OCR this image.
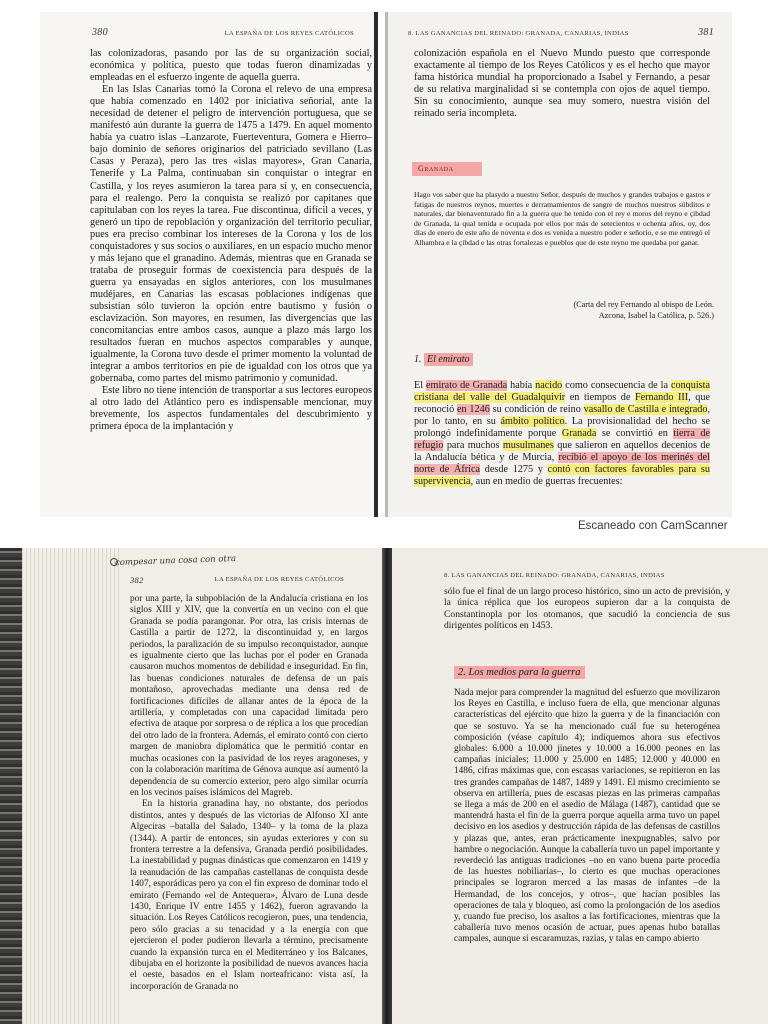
380	LA ESPAÑA DE LOS REYES CATÓLICOS

las colonizadoras, pasando por las de su organización social, económica y política, puesto que todas fueron dinamizadas y empleadas en el esfuerzo ingente de aquella guerra.

En las Islas Canarias tomó la Corona el relevo de una empresa que había comenzado en 1402 por iniciativa señorial, ante la necesidad de detener el peligro de intervención portuguesa, que se manifestó aún durante la guerra de 1475 a 1479. En aquel momento había ya cuatro islas –Lanzarote, Fuerteventura, Gomera e Hierro– bajo dominio de señores originarios del patriciado sevillano (Las Casas y Peraza), pero las tres «islas mayores», Gran Canaria, Tenerife y La Palma, continuaban sin conquistar o integrar en Castilla, y los reyes asumieron la tarea para sí y, en consecuencia, para el realengo. Pero la conquista se realizó por capitanes que capitulaban con los reyes la tarea. Fue discontinua, difícil a veces, y generó un tipo de repoblación y organización del territorio peculiar, pues era preciso combinar los intereses de la Corona y los de los conquistadores y sus socios o auxiliares, en un espacio mucho menor y más lejano que el granadino. Además, mientras que en Granada se trataba de proseguir formas de coexistencia para después de la guerra ya ensayadas en siglos anteriores, con los musulmanes mudéjares, en Canarias las escasas poblaciones indígenas que subsistían sólo tuvieron la opción entre bautismo y fusión o esclavización. Son mayores, en resumen, las divergencias que las concomitancias entre ambos casos, aunque a plazo más largo los resultados fueran en muchos aspectos comparables y aunque, igualmente, la Corona tuvo desde el primer momento la voluntad de integrar a ambos territorios en pie de igualdad con los otros que ya gobernaba, como partes del mismo patrimonio y comunidad.

Este libro no tiene intención de transportar a sus lectores europeos al otro lado del Atlántico pero es indispensable mencionar, muy brevemente, los aspectos fundamentales del descubrimiento y primera época de la implantación y

8. LAS GANANCIAS DEL REINADO: GRANADA, CANARIAS, INDIAS	381

colonización española en el Nuevo Mundo puesto que corresponde exactamente al tiempo de los Reyes Católicos y es el hecho que mayor fama histórica mundial ha proporcionado a Isabel y Fernando, a pesar de su relativa marginalidad si se contempla con ojos de aquel tiempo. Sin su conocimiento, aunque sea muy somero, nuestra visión del reinado sería incompleta.

Granada
Hago vos saber que ha plasydo a nuestro Señor, después de muchos y grandes trabajos e gastos e fatigas de nuestros reynos, muertes e derramamientos de sangre de muchos nuestros súbditos e naturales, dar bienaventurado fin a la guerra que he tenido con el rey e moros del reyno e çibdad de Granada, la qual tenida e ocupada por ellos por más de setecientos e ochenta años, oy, dos días de enero de este año de noventa e dos es venida a nuestro poder e señorío, e se me entregó el Alhambra e la çibdad e las otras fortalezas e pueblos que de este reyno me quedaba por ganar.
(Carta del rey Fernando al obispo de León.
Azcona, Isabel la Católica, p. 526.)
1. El emirato

El emirato de Granada había nacido como consecuencia de la conquista cristiana del valle del Guadalquivir en tiempos de Fernando III, que reconoció en 1246 su condición de reino vasallo de Castilla e integrado, por lo tanto, en su ámbito político. La provisionalidad del hecho se prolongó indefinidamente porque Granada se convirtió en tierra de refugio para muchos musulmanes que salieron en aquellos decenios de la Andalucía bética y de Murcia, recibió el apoyo de los merinés del norte de África desde 1275 y contó con factores favorables para su supervivencia, aun en medio de guerras frecuentes:

Escaneado con CamScanner
382	LA ESPAÑA DE LOS REYES CATÓLICOS

por una parte, la subpoblación de la Andalucía cristiana en los siglos XIII y XIV, que la convertía en un vecino con el que Granada se podía parangonar. Por otra, las crisis internas de Castilla a partir de 1272, la discontinuidad y, en largos periodos, la paralización de su impulso reconquistador, aunque es igualmente cierto que las luchas por el poder en Granada causaron muchos momentos de debilidad e inseguridad. En fin, las buenas condiciones naturales de defensa de un país montañoso, aprovechadas mediante una densa red de fortificaciones difíciles de allanar antes de la época de la artillería, y completadas con una capacidad limitada pero efectiva de ataque por sorpresa o de réplica a los que procedían del otro lado de la frontera. Además, el emirato contó con cierto margen de maniobra diplomática que le permitió contar en muchas ocasiones con la pasividad de los reyes aragoneses, y con la colaboración marítima de Génova aunque así aumentó la dependencia de su comercio exterior, pero algo similar ocurría en los vecinos países islámicos del Magreb.

En la historia granadina hay, no obstante, dos periodos distintos, antes y después de las victorias de Alfonso XI ante Algeciras –batalla del Salado, 1340– y la toma de la plaza (1344). A partir de entonces, sin ayudas exteriores y con su frontera terrestre a la defensiva, Granada perdió posibilidades. La inestabilidad y pugnas dinásticas que comenzaron en 1419 y la reanudación de las campañas castellanas de conquista desde 1407, esporádicas pero ya con el fin expreso de dominar todo el emirato (Fernando «el de Antequera», Álvaro de Luna desde 1430, Enrique IV entre 1455 y 1462), fueron agravando la situación. Los Reyes Católicos recogieron, pues, una tendencia, pero sólo gracias a su tenacidad y a la energía con que ejercieron el poder pudieron llevarla a término, precisamente cuando la expansión turca en el Mediterráneo y los Balcanes, dibujaba en el horizonte la posibilidad de nuevos avances hacia el oeste, basados en el Islam norteafricano: vista así, la incorporación de Granada no

compesar una cosa con otra
8. LAS GANANCIAS DEL REINADO: GRANADA, CANARIAS, INDIAS

sólo fue el final de un largo proceso histórico, sino un acto de previsión, y la única réplica que los europeos supieron dar a la conquista de Constantinopla por los otomanos, que sacudió la conciencia de sus dirigentes políticos en 1453.

2. Los medios para la guerra

Nada mejor para comprender la magnitud del esfuerzo que movilizaron los Reyes en Castilla, e incluso fuera de ella, que mencionar algunas características del ejército que hizo la guerra y de la financiación con que se sostuvo. Ya se ha mencionado cuál fue su heterogénea composición (véase capítulo 4); indiquemos ahora sus efectivos globales: 6.000 a 10.000 jinetes y 10.000 a 16.000 peones en las campañas iniciales; 11.000 y 25.000 en 1485; 12.000 y 40.000 en 1486, cifras máximas que, con escasas variaciones, se repitieron en las tres grandes campañas de 1487, 1489 y 1491. El mismo crecimiento se observa en artillería, pues de escasas piezas en las primeras campañas se llega a más de 200 en el asedio de Málaga (1487), cantidad que se mantendrá hasta el fin de la guerra porque aquella arma tuvo un papel decisivo en los asedios y destrucción rápida de las defensas de castillos y plazas que, antes, eran prácticamente inexpugnables, salvo por hambre o negociación. Aunque la caballería tuvo un papel importante y reverdeció las antiguas tradiciones –no en vano buena parte procedía de las huestes nobiliarias–, lo cierto es que muchas operaciones principales se lograron merced a las masas de infantes –de la Hermandad, de los concejos, y otros–, que hacían posibles las operaciones de tala y bloqueo, así como la prolongación de los asedios y, cuando fue preciso, los asaltos a las fortificaciones, mientras que la caballería tuvo menos ocasión de actuar, pues apenas hubo batallas campales, aunque sí escaramuzas, razias, y talas en campo abierto
